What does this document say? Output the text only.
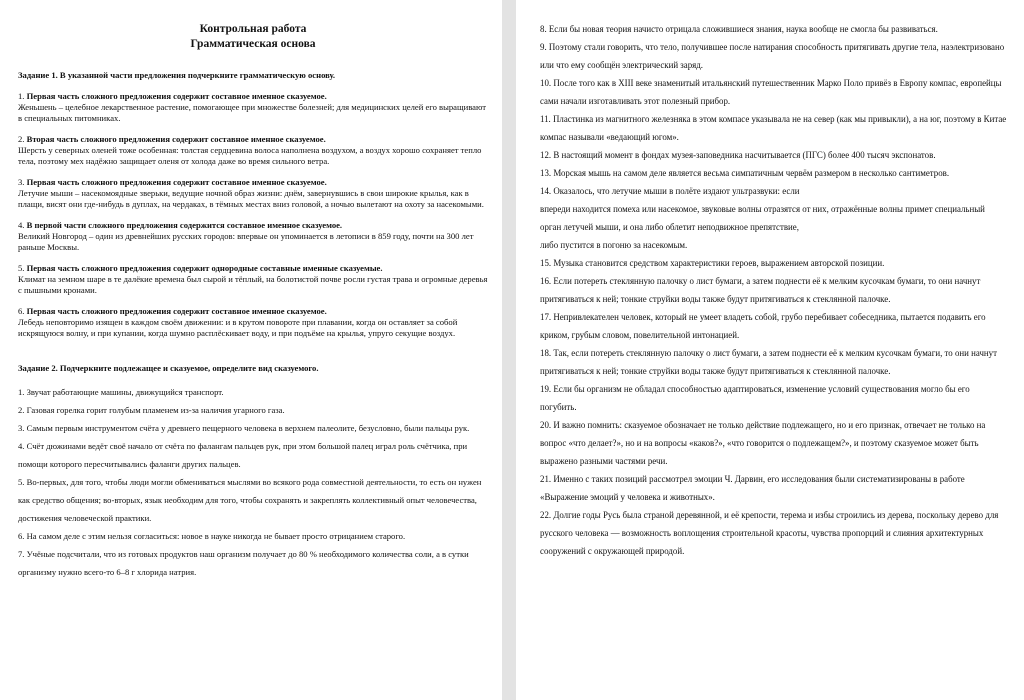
Контрольная работа
Грамматическая основа
Задание 1. В указанной части предложения подчеркните грамматическую основу.
1. Первая часть сложного предложения содержит составное именное сказуемое.
Женьшень – целебное лекарственное растение, помогающее при множестве болезней; для медицинских целей его выращивают в специальных питомниках.
2. Вторая часть сложного предложения содержит составное именное сказуемое.
Шерсть у северных оленей тоже особенная: толстая сердцевина волоса наполнена воздухом, а воздух хорошо сохраняет тепло тела, поэтому мех надёжно защищает оленя от холода даже во время сильного ветра.
3. Первая часть сложного предложения содержит составное именное сказуемое.
Летучие мыши – насекомоядные зверьки, ведущие ночной образ жизни: днём, завернувшись в свои широкие крылья, как в плащи, висят они где-нибудь в дуплах, на чердаках, в тёмных местах вниз головой, а ночью вылетают на охоту за насекомыми.
4. В первой части сложного предложения содержится составное именное сказуемое.
Великий Новгород – один из древнейших русских городов: впервые он упоминается в летописи в 859 году, почти на 300 лет раньше Москвы.
5. Первая часть сложного предложения содержит однородные составные именные сказуемые.
Климат на земном шаре в те далёкие времена был сырой и тёплый, на болотистой почве росли густая трава и огромные деревья с пышными кронами.
6. Первая часть сложного предложения содержит составное именное сказуемое.
Лебедь неповторимо изящен в каждом своём движении: и в крутом повороте при плавании, когда он оставляет за собой искрящуюся волну, и при купании, когда шумно расплёскивает воду, и при подъёме на крылья, упруго секущие воздух.
Задание 2. Подчеркните подлежащее и сказуемое, определите вид сказуемого.
1. Звучат работающие машины, движущийся транспорт.
2. Газовая горелка горит голубым пламенем из-за наличия угарного газа.
3. Самым первым инструментом счёта у древнего пещерного человека в верхнем палеолите, безусловно, были пальцы рук.
4. Счёт дюжинами ведёт своё начало от счёта по фалангам пальцев рук, при этом большой палец играл роль счётчика, при помощи которого пересчитывались фаланги других пальцев.
5. Во-первых, для того, чтобы люди могли обмениваться мыслями во всякого рода совместной деятельности, то есть он нужен как средство общения; во-вторых, язык необходим для того, чтобы сохранять и закреплять коллективный опыт человечества, достижения человеческой практики.
6. На самом деле с этим нельзя согласиться: новое в науке никогда не бывает просто отрицанием старого.
7. Учёные подсчитали, что из готовых продуктов наш организм получает до 80 % необходимого количества соли, а в сутки организму нужно всего-то 6–8 г хлорида натрия.
8. Если бы новая теория начисто отрицала сложившиеся знания, наука вообще не смогла бы развиваться.
9. Поэтому стали говорить, что тело, получившее после натирания способность притягивать другие тела, наэлектризовано или что ему сообщён электрический заряд.
10. После того как в XIII веке знаменитый итальянский путешественник Марко Поло привёз в Европу компас, европейцы сами начали изготавливать этот полезный прибор.
11. Пластинка из магнитного железняка в этом компасе указывала не на север (как мы привыкли), а на юг, поэтому в Китае компас называли «ведающий югом».
12. В настоящий момент в фондах музея-заповедника насчитывается (ПГС) более 400 тысяч экспонатов.
13. Морская мышь на самом деле является весьма симпатичным червём размером в несколько сантиметров.
14. Оказалось, что летучие мыши в полёте издают ультразвуки: если
впереди находится помеха или насекомое, звуковые волны отразятся от них, отражённые волны примет специальный орган летучей мыши, и она либо облетит неподвижное препятствие,
либо пустится в погоню за насекомым.
15. Музыка становится средством характеристики героев, выражением авторской позиции.
16. Если потереть стеклянную палочку о лист бумаги, а затем поднести её к мелким кусочкам бумаги, то они начнут притягиваться к ней; тонкие струйки воды также будут притягиваться к стеклянной палочке.
17. Непривлекателен человек, который не умеет владеть собой, грубо перебивает собеседника, пытается подавить его криком, грубым словом, повелительной интонацией.
18. Так, если потереть стеклянную палочку о лист бумаги, а затем поднести её к мелким кусочкам бумаги, то они начнут притягиваться к ней; тонкие струйки воды также будут притягиваться к стеклянной палочке.
19. Если бы организм не обладал способностью адаптироваться, изменение условий существования могло бы его погубить.
20. И важно помнить: сказуемое обозначает не только действие подлежащего, но и его признак, отвечает не только на вопрос «что делает?», но и на вопросы «каков?», «что говорится о подлежащем?», и поэтому сказуемое может быть выражено разными частями речи.
21. Именно с таких позиций рассмотрел эмоции Ч. Дарвин, его исследования были систематизированы в работе «Выражение эмоций у человека и животных».
22. Долгие годы Русь была страной деревянной, и её крепости, терема и избы строились из дерева, поскольку дерево для русского человека — возможность воплощения строительной красоты, чувства пропорций и слияния архитектурных сооружений с окружающей природой.
